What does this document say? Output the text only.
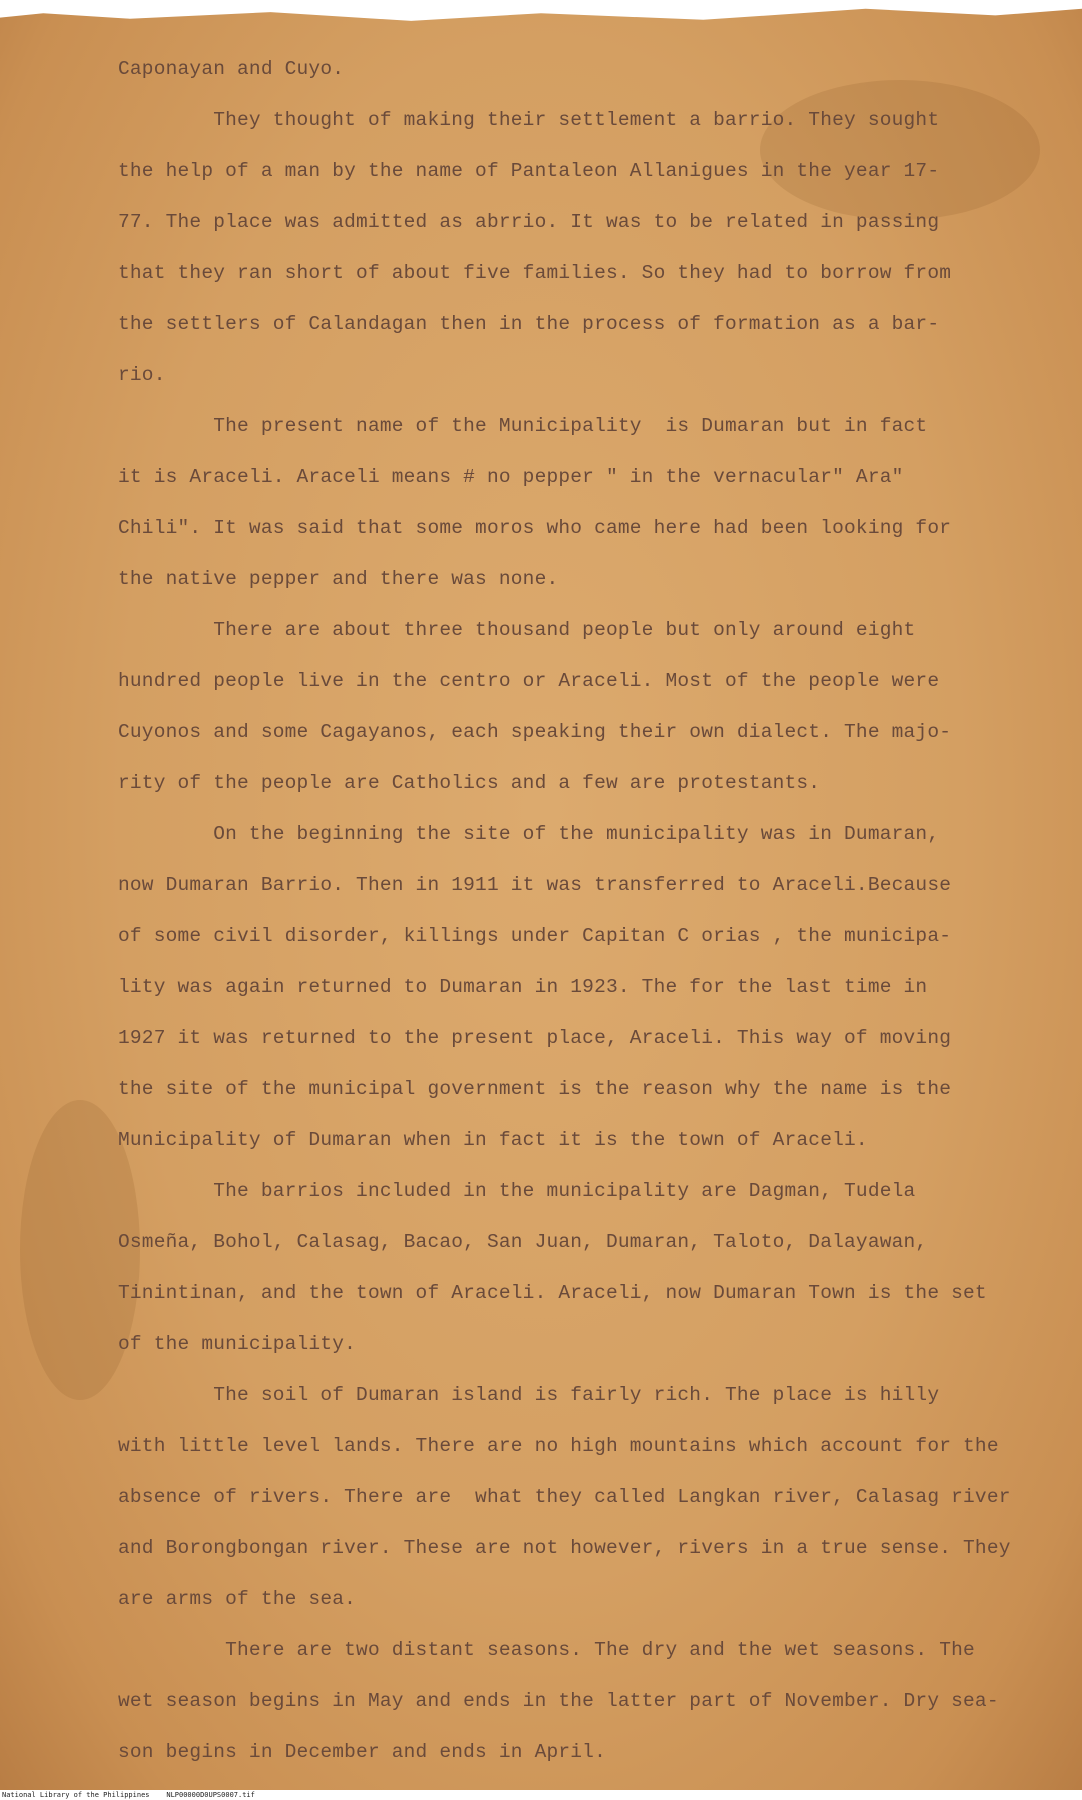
Caponayan and Cuyo.
They thought of making their settlement a barrio. They sought
the help of a man by the name of Pantaleon Allanigues in the year 17-
77. The place was admitted as abrrio. It was to be related in passing
that they ran short of about five families. So they had to borrow from
the settlers of Calandagan then in the process of formation as a bar-
rio.
The present name of the Municipality  is Dumaran but in fact
it is Araceli. Araceli means # no pepper " in the vernacular" Ara"
Chili". It was said that some moros who came here had been looking for
the native pepper and there was none.
There are about three thousand people but only around eight
hundred people live in the centro or Araceli. Most of the people were
Cuyonos and some Cagayanos, each speaking their own dialect. The majo-
rity of the people are Catholics and a few are protestants.
On the beginning the site of the municipality was in Dumaran,
now Dumaran Barrio. Then in 1911 it was transferred to Araceli.Because
of some civil disorder, killings under Capitan C orias , the municipa-
lity was again returned to Dumaran in 1923. The for the last time in
1927 it was returned to the present place, Araceli. This way of moving
the site of the municipal government is the reason why the name is the
Municipality of Dumaran when in fact it is the town of Araceli.
The barrios included in the municipality are Dagman, Tudela
Osmeña, Bohol, Calasag, Bacao, San Juan, Dumaran, Taloto, Dalayawan,
Tinintinan, and the town of Araceli. Araceli, now Dumaran Town is the set
of the municipality.
The soil of Dumaran island is fairly rich. The place is hilly
with little level lands. There are no high mountains which account for the
absence of rivers. There are  what they called Langkan river, Calasag river
and Borongbongan river. These are not however, rivers in a true sense. They
are arms of the sea.
There are two distant seasons. The dry and the wet seasons. The
wet season begins in May and ends in the latter part of November. Dry sea-
son begins in December and ends in April.
National Library of the Philippines    NLP00000D0UPS0007.tif
